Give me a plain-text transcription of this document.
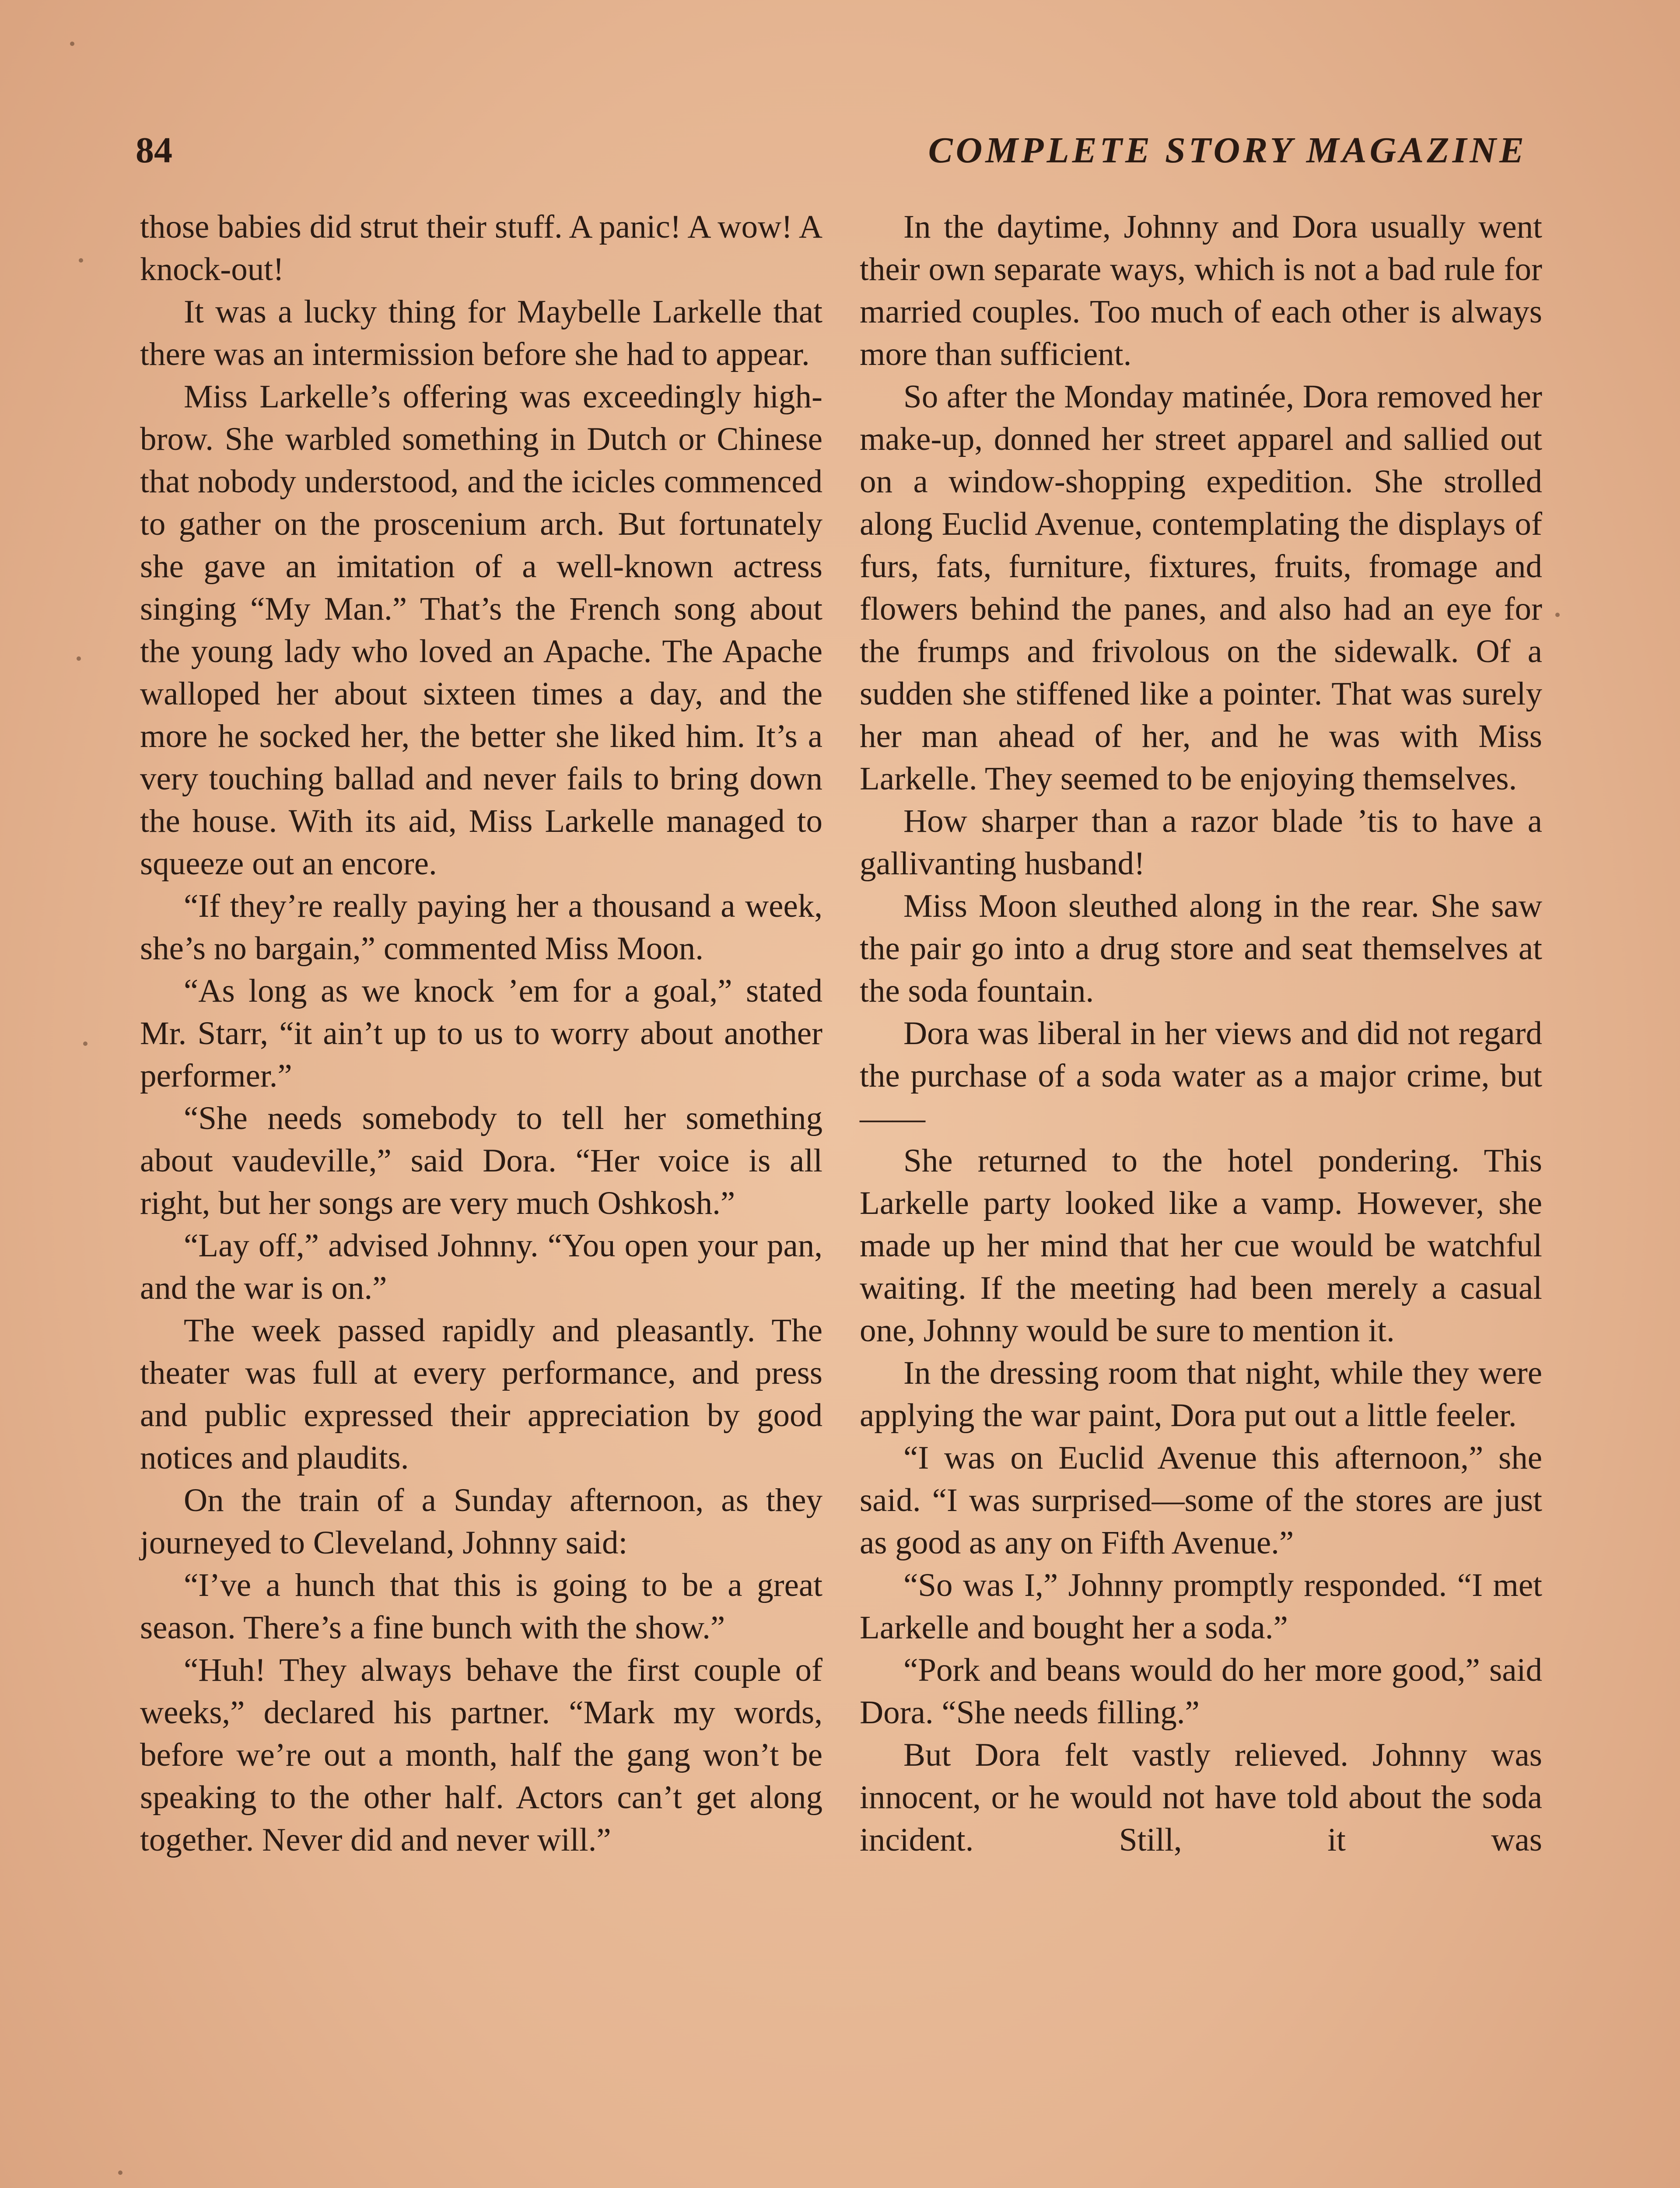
84	COMPLETE STORY MAGAZINE

those babies did strut their stuff. A panic! A wow! A knock-out!

It was a lucky thing for Maybelle Larkelle that there was an intermission before she had to appear.

Miss Larkelle’s offering was exceedingly high-brow. She warbled something in Dutch or Chinese that nobody understood, and the icicles commenced to gather on the proscenium arch. But fortunately she gave an imitation of a well-known actress singing “My Man.” That’s the French song about the young lady who loved an Apache. The Apache walloped her about sixteen times a day, and the more he socked her, the better she liked him. It’s a very touching ballad and never fails to bring down the house. With its aid, Miss Larkelle managed to squeeze out an encore.

“If they’re really paying her a thousand a week, she’s no bargain,” commented Miss Moon.

“As long as we knock ’em for a goal,” stated Mr. Starr, “it ain’t up to us to worry about another performer.”

“She needs somebody to tell her something about vaudeville,” said Dora. “Her voice is all right, but her songs are very much Oshkosh.”

“Lay off,” advised Johnny. “You open your pan, and the war is on.”

The week passed rapidly and pleasantly. The theater was full at every performance, and press and public expressed their appreciation by good notices and plaudits.

On the train of a Sunday afternoon, as they journeyed to Cleveland, Johnny said:

“I’ve a hunch that this is going to be a great season. There’s a fine bunch with the show.”

“Huh! They always behave the first couple of weeks,” declared his partner. “Mark my words, before we’re out a month, half the gang won’t be speaking to the other half. Actors can’t get along together. Never did and never will.”

In the daytime, Johnny and Dora usually went their own separate ways, which is not a bad rule for married couples. Too much of each other is always more than sufficient.

So after the Monday matinée, Dora removed her make-up, donned her street apparel and sallied out on a window-shopping expedition. She strolled along Euclid Avenue, contemplating the displays of furs, fats, furniture, fixtures, fruits, fromage and flowers behind the panes, and also had an eye for the frumps and frivolous on the sidewalk. Of a sudden she stiffened like a pointer. That was surely her man ahead of her, and he was with Miss Larkelle. They seemed to be enjoying themselves.

How sharper than a razor blade ’tis to have a gallivanting husband!

Miss Moon sleuthed along in the rear. She saw the pair go into a drug store and seat themselves at the soda fountain.

Dora was liberal in her views and did not regard the purchase of a soda water as a major crime, but——

She returned to the hotel pondering. This Larkelle party looked like a vamp. However, she made up her mind that her cue would be watchful waiting. If the meeting had been merely a casual one, Johnny would be sure to mention it.

In the dressing room that night, while they were applying the war paint, Dora put out a little feeler.

“I was on Euclid Avenue this afternoon,” she said. “I was surprised—some of the stores are just as good as any on Fifth Avenue.”

“So was I,” Johnny promptly responded. “I met Larkelle and bought her a soda.”

“Pork and beans would do her more good,” said Dora. “She needs filling.”

But Dora felt vastly relieved. Johnny was innocent, or he would not have told about the soda incident. Still, it was
